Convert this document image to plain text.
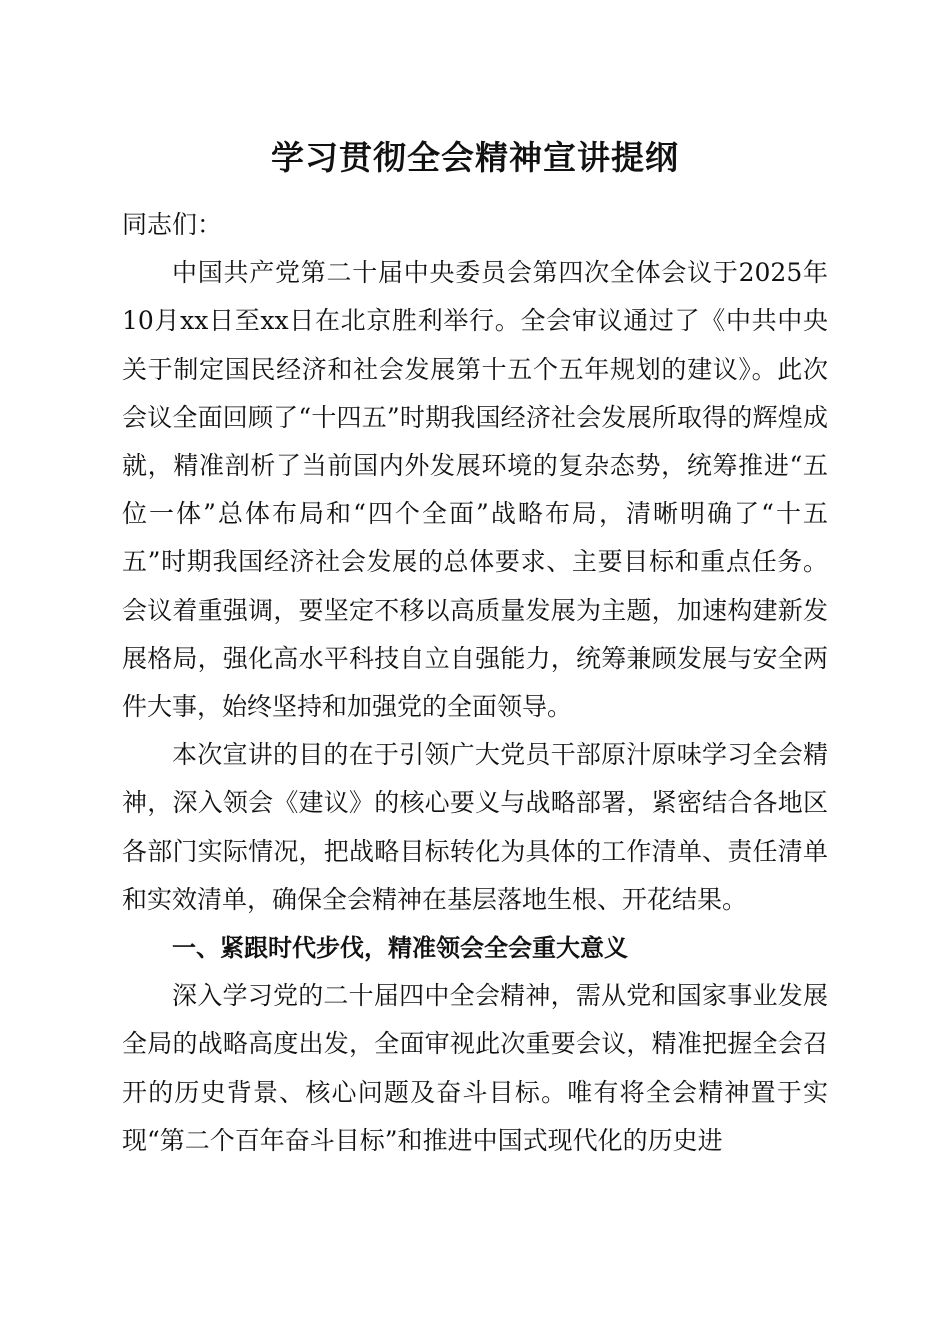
学习贯彻全会精神宣讲提纲

同志们：

中国共产党第二十届中央委员会第四次全体会议于2025年10月xx日至xx日在北京胜利举行。全会审议通过了《中共中央关于制定国民经济和社会发展第十五个五年规划的建议》。此次会议全面回顾了“十四五”时期我国经济社会发展所取得的辉煌成就，精准剖析了当前国内外发展环境的复杂态势，统筹推进“五位一体”总体布局和“四个全面”战略布局，清晰明确了“十五五”时期我国经济社会发展的总体要求、主要目标和重点任务。会议着重强调，要坚定不移以高质量发展为主题，加速构建新发展格局，强化高水平科技自立自强能力，统筹兼顾发展与安全两件大事，始终坚持和加强党的全面领导。

本次宣讲的目的在于引领广大党员干部原汁原味学习全会精神，深入领会《建议》的核心要义与战略部署，紧密结合各地区各部门实际情况，把战略目标转化为具体的工作清单、责任清单和实效清单，确保全会精神在基层落地生根、开花结果。

一、紧跟时代步伐，精准领会全会重大意义

深入学习党的二十届四中全会精神，需从党和国家事业发展全局的战略高度出发，全面审视此次重要会议，精准把握全会召开的历史背景、核心问题及奋斗目标。唯有将全会精神置于实现“第二个百年奋斗目标”和推进中国式现代化的历史进
